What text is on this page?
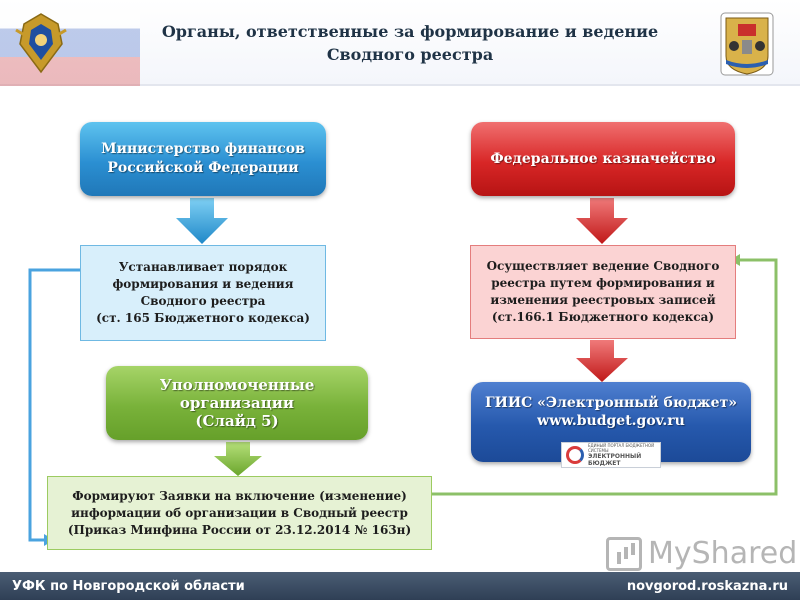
Органы, ответственные за формирование и ведение
Сводного реестра
Министерство финансов
Российской Федерации
Федеральное казначейство
Устанавливает порядок
формирования и ведения
Сводного реестра
(ст. 165 Бюджетного кодекса)
Осуществляет ведение Сводного
реестра путем формирования и
изменения реестровых записей
(ст.166.1 Бюджетного кодекса)
Уполномоченные
организации
(Слайд 5)
ГИИС «Электронный бюджет»
www.budget.gov.ru
ЕДИНЫЙ ПОРТАЛ БЮДЖЕТНОЙ СИСТЕМЫ
ЭЛЕКТРОННЫЙ БЮДЖЕТ
Формируют Заявки на включение (изменение)
информации об организации в Сводный реестр
(Приказ Минфина России от 23.12.2014 № 163н)
MyShared
УФК по Новгородской области	novgorod.roskazna.ru
